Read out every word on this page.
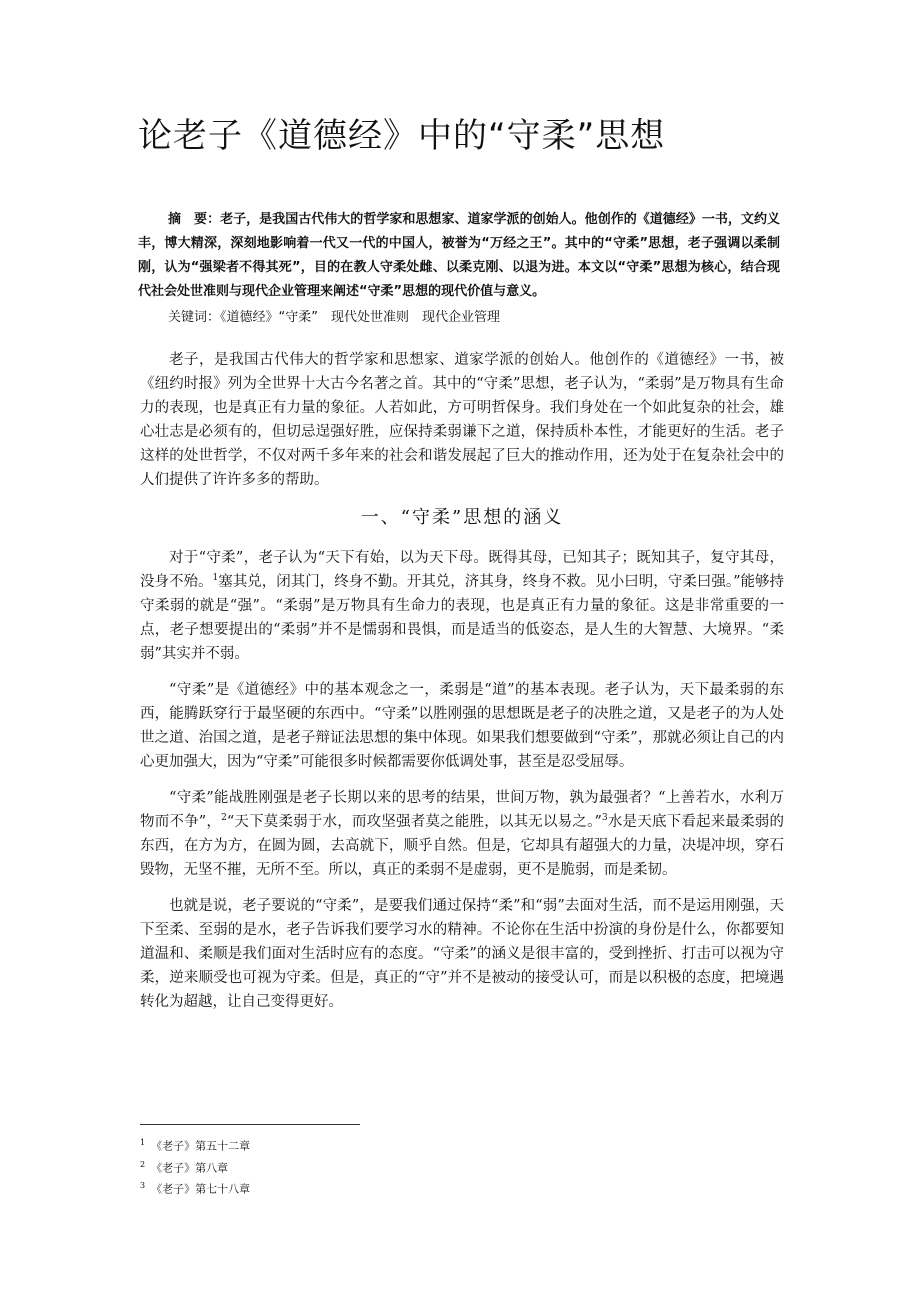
论老子《道德经》中的“守柔”思想
摘　要：老子，是我国古代伟大的哲学家和思想家、道家学派的创始人。他创作的《道德经》一书，文约义丰，博大精深，深刻地影响着一代又一代的中国人，被誉为“万经之王”。其中的“守柔”思想，老子强调以柔制刚，认为“强梁者不得其死”，目的在教人守柔处雌、以柔克刚、以退为进。本文以“守柔”思想为核心，结合现代社会处世准则与现代企业管理来阐述“守柔”思想的现代价值与意义。
关键词：《道德经》“守柔”　现代处世准则　现代企业管理

老子，是我国古代伟大的哲学家和思想家、道家学派的创始人。他创作的《道德经》一书，被《纽约时报》列为全世界十大古今名著之首。其中的“守柔”思想，老子认为，“柔弱”是万物具有生命力的表现，也是真正有力量的象征。人若如此，方可明哲保身。我们身处在一个如此复杂的社会，雄心壮志是必须有的，但切忌逞强好胜，应保持柔弱谦下之道，保持质朴本性，才能更好的生活。老子这样的处世哲学，不仅对两千多年来的社会和谐发展起了巨大的推动作用，还为处于在复杂社会中的人们提供了许许多多的帮助。

一、“守柔”思想的涵义

对于“守柔”，老子认为“天下有始，以为天下母。既得其母，已知其子；既知其子，复守其母，没身不殆。$^1$塞其兑，闭其门，终身不勤。开其兑，济其身，终身不救。见小曰明，守柔曰强。”能够持守柔弱的就是“强”。“柔弱”是万物具有生命力的表现，也是真正有力量的象征。这是非常重要的一点，老子想要提出的“柔弱”并不是懦弱和畏惧，而是适当的低姿态，是人生的大智慧、大境界。“柔弱”其实并不弱。

“守柔”是《道德经》中的基本观念之一，柔弱是“道”的基本表现。老子认为，天下最柔弱的东西，能腾跃穿行于最坚硬的东西中。“守柔”以胜刚强的思想既是老子的决胜之道，又是老子的为人处世之道、治国之道，是老子辩证法思想的集中体现。如果我们想要做到“守柔”，那就必须让自己的内心更加强大，因为“守柔”可能很多时候都需要你低调处事，甚至是忍受屈辱。

“守柔”能战胜刚强是老子长期以来的思考的结果，世间万物，孰为最强者？“上善若水，水利万物而不争”，$^2$“天下莫柔弱于水，而攻坚强者莫之能胜，以其无以易之。”$^3$水是天底下看起来最柔弱的东西，在方为方，在圆为圆，去高就下，顺乎自然。但是，它却具有超强大的力量，决堤冲坝，穿石毁物，无坚不摧，无所不至。所以，真正的柔弱不是虚弱，更不是脆弱，而是柔韧。

也就是说，老子要说的“守柔”，是要我们通过保持“柔”和“弱”去面对生活，而不是运用刚强，天下至柔、至弱的是水，老子告诉我们要学习水的精神。不论你在生活中扮演的身份是什么，你都要知道温和、柔顺是我们面对生活时应有的态度。“守柔”的涵义是很丰富的，受到挫折、打击可以视为守柔，逆来顺受也可视为守柔。但是，真正的“守”并不是被动的接受认可，而是以积极的态度，把境遇转化为超越，让自己变得更好。

$^1$ 《老子》第五十二章
$^2$ 《老子》第八章
$^3$ 《老子》第七十八章
